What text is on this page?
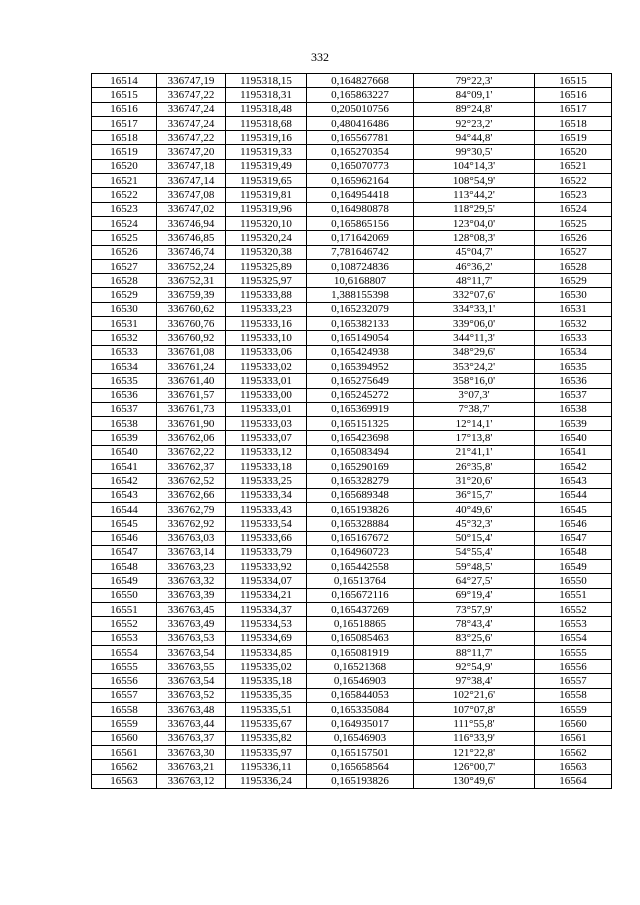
332
16514	336747,19	1195318,15	0,164827668	79°22,3'	16515
16515	336747,22	1195318,31	0,165863227	84°09,1'	16516
16516	336747,24	1195318,48	0,205010756	89°24,8'	16517
16517	336747,24	1195318,68	0,480416486	92°23,2'	16518
16518	336747,22	1195319,16	0,165567781	94°44,8'	16519
16519	336747,20	1195319,33	0,165270354	99°30,5'	16520
16520	336747,18	1195319,49	0,165070773	104°14,3'	16521
16521	336747,14	1195319,65	0,165962164	108°54,9'	16522
16522	336747,08	1195319,81	0,164954418	113°44,2'	16523
16523	336747,02	1195319,96	0,164980878	118°29,5'	16524
16524	336746,94	1195320,10	0,165865156	123°04,0'	16525
16525	336746,85	1195320,24	0,171642069	128°08,3'	16526
16526	336746,74	1195320,38	7,781646742	45°04,7'	16527
16527	336752,24	1195325,89	0,108724836	46°36,2'	16528
16528	336752,31	1195325,97	10,6168807	48°11,7'	16529
16529	336759,39	1195333,88	1,388155398	332°07,6'	16530
16530	336760,62	1195333,23	0,165232079	334°33,1'	16531
16531	336760,76	1195333,16	0,165382133	339°06,0'	16532
16532	336760,92	1195333,10	0,165149054	344°11,3'	16533
16533	336761,08	1195333,06	0,165424938	348°29,6'	16534
16534	336761,24	1195333,02	0,165394952	353°24,2'	16535
16535	336761,40	1195333,01	0,165275649	358°16,0'	16536
16536	336761,57	1195333,00	0,165245272	3°07,3'	16537
16537	336761,73	1195333,01	0,165369919	7°38,7'	16538
16538	336761,90	1195333,03	0,165151325	12°14,1'	16539
16539	336762,06	1195333,07	0,165423698	17°13,8'	16540
16540	336762,22	1195333,12	0,165083494	21°41,1'	16541
16541	336762,37	1195333,18	0,165290169	26°35,8'	16542
16542	336762,52	1195333,25	0,165328279	31°20,6'	16543
16543	336762,66	1195333,34	0,165689348	36°15,7'	16544
16544	336762,79	1195333,43	0,165193826	40°49,6'	16545
16545	336762,92	1195333,54	0,165328884	45°32,3'	16546
16546	336763,03	1195333,66	0,165167672	50°15,4'	16547
16547	336763,14	1195333,79	0,164960723	54°55,4'	16548
16548	336763,23	1195333,92	0,165442558	59°48,5'	16549
16549	336763,32	1195334,07	0,16513764	64°27,5'	16550
16550	336763,39	1195334,21	0,165672116	69°19,4'	16551
16551	336763,45	1195334,37	0,165437269	73°57,9'	16552
16552	336763,49	1195334,53	0,16518865	78°43,4'	16553
16553	336763,53	1195334,69	0,165085463	83°25,6'	16554
16554	336763,54	1195334,85	0,165081919	88°11,7'	16555
16555	336763,55	1195335,02	0,16521368	92°54,9'	16556
16556	336763,54	1195335,18	0,16546903	97°38,4'	16557
16557	336763,52	1195335,35	0,165844053	102°21,6'	16558
16558	336763,48	1195335,51	0,165335084	107°07,8'	16559
16559	336763,44	1195335,67	0,164935017	111°55,8'	16560
16560	336763,37	1195335,82	0,16546903	116°33,9'	16561
16561	336763,30	1195335,97	0,165157501	121°22,8'	16562
16562	336763,21	1195336,11	0,165658564	126°00,7'	16563
16563	336763,12	1195336,24	0,165193826	130°49,6'	16564
